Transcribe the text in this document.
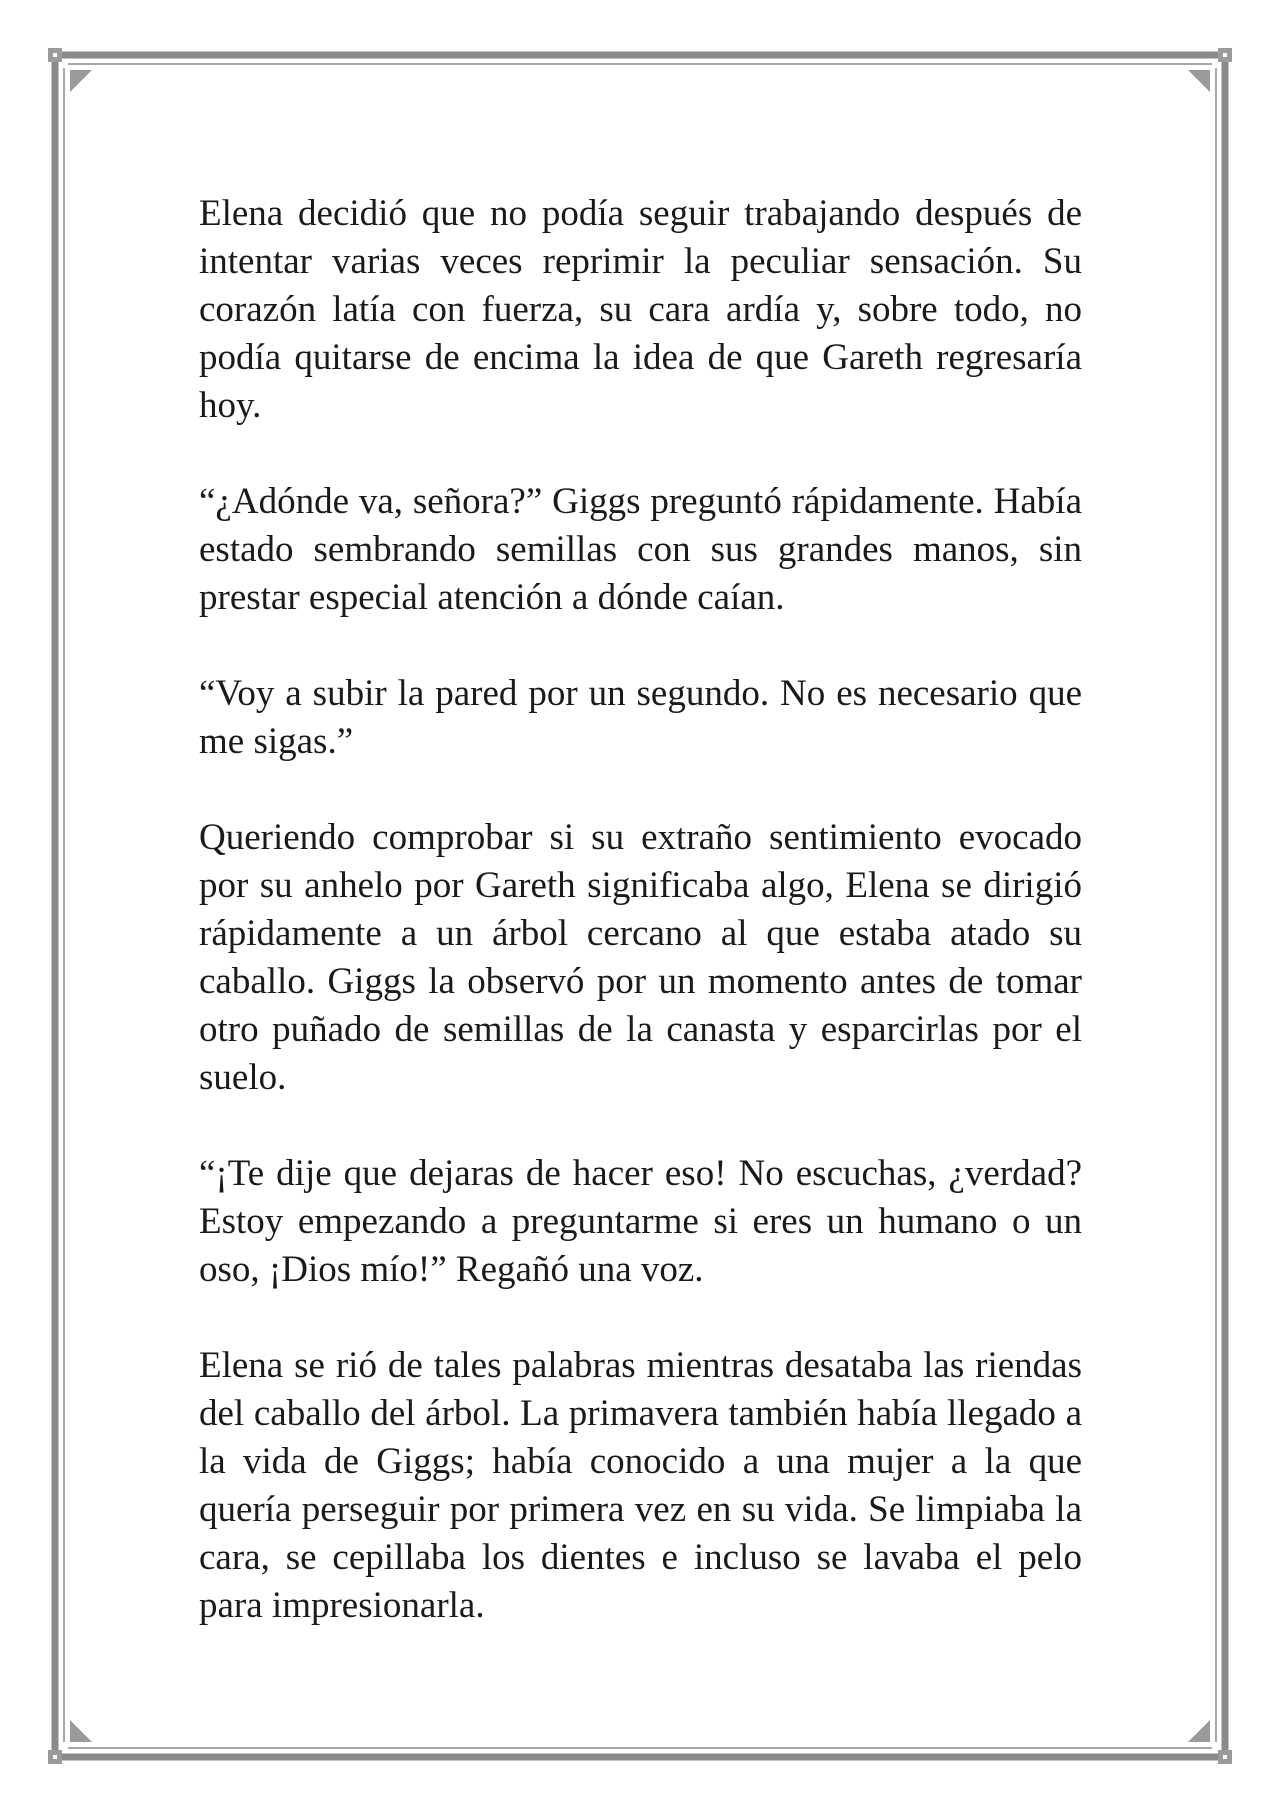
Elena decidió que no podía seguir trabajando después de intentar varias veces reprimir la peculiar sensación. Su corazón latía con fuerza, su cara ardía y, sobre todo, no podía quitarse de encima la idea de que Gareth regresaría hoy.

“¿Adónde va, señora?” Giggs preguntó rápidamente. Había estado sembrando semillas con sus grandes manos, sin prestar especial atención a dónde caían.

“Voy a subir la pared por un segundo. No es necesario que me sigas.”

Queriendo comprobar si su extraño sentimiento evocado por su anhelo por Gareth significaba algo, Elena se dirigió rápidamente a un árbol cercano al que estaba atado su caballo. Giggs la observó por un momento antes de tomar otro puñado de semillas de la canasta y esparcirlas por el suelo.

“¡Te dije que dejaras de hacer eso! No escuchas, ¿verdad? Estoy empezando a preguntarme si eres un humano o un oso, ¡Dios mío!” Regañó una voz.

Elena se rió de tales palabras mientras desataba las riendas del caballo del árbol. La primavera también había llegado a la vida de Giggs; había conocido a una mujer a la que quería perseguir por primera vez en su vida. Se limpiaba la cara, se cepillaba los dientes e incluso se lavaba el pelo para impresionarla.
